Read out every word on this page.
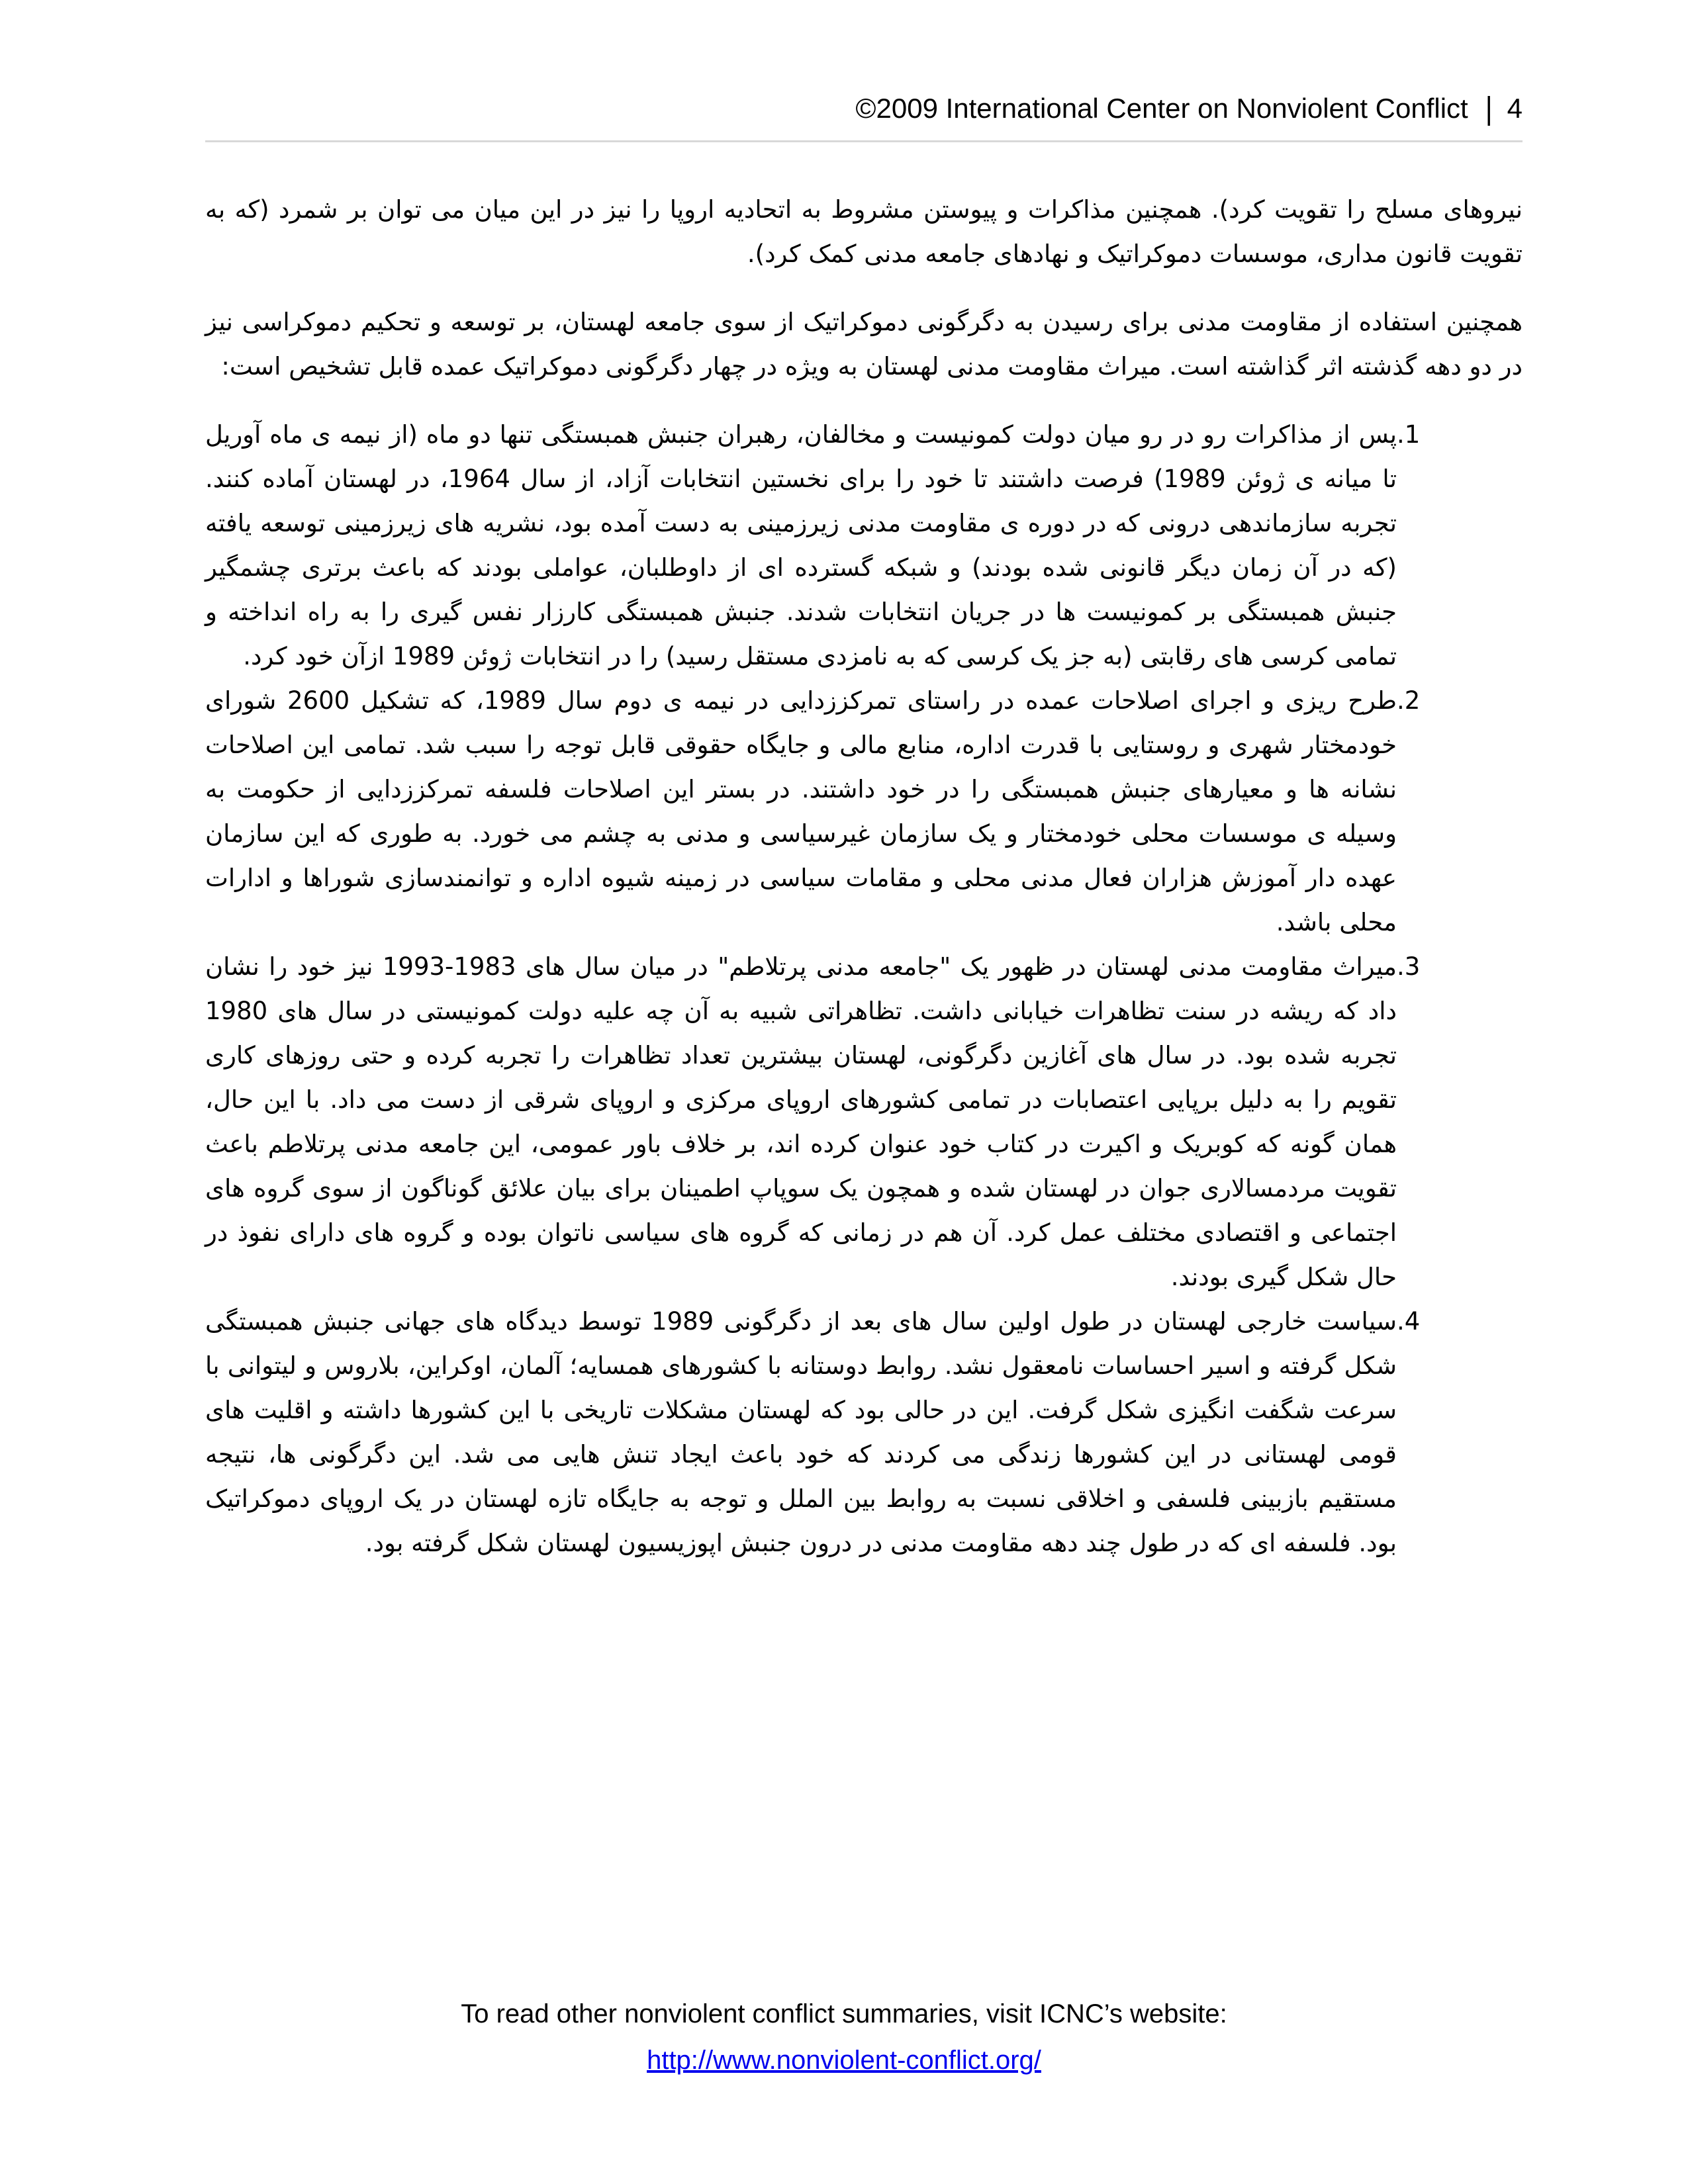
©2009 International Center on Nonviolent Conflict | 4

نیروهای مسلح را تقویت کرد). همچنین مذاکرات و پیوستن مشروط به اتحادیه اروپا را نیز در این میان می توان بر شمرد (که به تقویت قانون مداری، موسسات دموکراتیک و نهادهای جامعه مدنی کمک کرد).

همچنین استفاده از مقاومت مدنی برای رسیدن به دگرگونی دموکراتیک از سوی جامعه لهستان، بر توسعه و تحکیم دموکراسی نیز در دو دهه گذشته اثر گذاشته است. میراث مقاومت مدنی لهستان به ویژه در چهار دگرگونی دموکراتیک عمده قابل تشخیص است:

1.
پس از مذاکرات رو در رو میان دولت کمونیست و مخالفان، رهبران جنبش همبستگی تنها دو ماه (از نیمه ی ماه آوریل تا میانه ی ژوئن 1989) فرصت داشتند تا خود را برای نخستین انتخابات آزاد، از سال 1964، در لهستان آماده کنند. تجربه سازماندهی درونی که در دوره ی مقاومت مدنی زیرزمینی به دست آمده بود، نشریه های زیرزمینی توسعه یافته (که در آن زمان دیگر قانونی شده بودند) و شبکه گسترده ای از داوطلبان، عواملی بودند که باعث برتری چشمگیر جنبش همبستگی بر کمونیست ها در جریان انتخابات شدند. جنبش همبستگی کارزار نفس گیری را به راه انداخته و تمامی کرسی های رقابتی (به جز یک کرسی که به نامزدی مستقل رسید) را در انتخابات ژوئن 1989 ازآن خود کرد.
2.
طرح ریزی و اجرای اصلاحات عمده در راستای تمرکززدایی در نیمه ی دوم سال 1989، که تشکیل 2600 شورای خودمختار شهری و روستایی با قدرت اداره، منابع مالی و جایگاه حقوقی قابل توجه را سبب شد. تمامی این اصلاحات نشانه ها و معیارهای جنبش همبستگی را در خود داشتند. در بستر این اصلاحات فلسفه تمرکززدایی از حکومت به وسیله ی موسسات محلی خودمختار و یک سازمان غیرسیاسی و مدنی به چشم می خورد. به طوری که این سازمان عهده دار آموزش هزاران فعال مدنی محلی و مقامات سیاسی در زمینه شیوه اداره و توانمندسازی شوراها و ادارات محلی باشد.
3.
میراث مقاومت مدنی لهستان در ظهور یک "جامعه مدنی پرتلاطم" در میان سال های 1983-1993 نیز خود را نشان داد که ریشه در سنت تظاهرات خیابانی داشت. تظاهراتی شبیه به آن چه علیه دولت کمونیستی در سال های 1980 تجربه شده بود. در سال های آغازین دگرگونی، لهستان بیشترین تعداد تظاهرات را تجربه کرده و حتی روزهای کاری تقویم را به دلیل برپایی اعتصابات در تمامی کشورهای اروپای مرکزی و اروپای شرقی از دست می داد. با این حال، همان گونه که کوبریک و اکیرت در کتاب خود عنوان کرده اند، بر خلاف باور عمومی، این جامعه مدنی پرتلاطم باعث تقویت مردمسالاری جوان در لهستان شده و همچون یک سوپاپ اطمینان برای بیان علائق گوناگون از سوی گروه های اجتماعی و اقتصادی مختلف عمل کرد. آن هم در زمانی که گروه های سیاسی ناتوان بوده و گروه های دارای نفوذ در حال شکل گیری بودند.
4.
سیاست خارجی لهستان در طول اولین سال های بعد از دگرگونی 1989 توسط دیدگاه های جهانی جنبش همبستگی شکل گرفته و اسیر احساسات نامعقول نشد. روابط دوستانه با کشورهای همسایه؛ آلمان، اوکراین، بلاروس و لیتوانی با سرعت شگفت انگیزی شکل گرفت. این در حالی بود که لهستان مشکلات تاریخی با این کشورها داشته و اقلیت های قومی لهستانی در این کشورها زندگی می کردند که خود باعث ایجاد تنش هایی می شد. این دگرگونی ها، نتیجه مستقیم بازبینی فلسفی و اخلاقی نسبت به روابط بین الملل و توجه به جایگاه تازه لهستان در یک اروپای دموکراتیک بود. فلسفه ای که در طول چند دهه مقاومت مدنی در درون جنبش اپوزیسیون لهستان شکل گرفته بود.
To read other nonviolent conflict summaries, visit ICNC’s website:
http://www.nonviolent-conflict.org/
